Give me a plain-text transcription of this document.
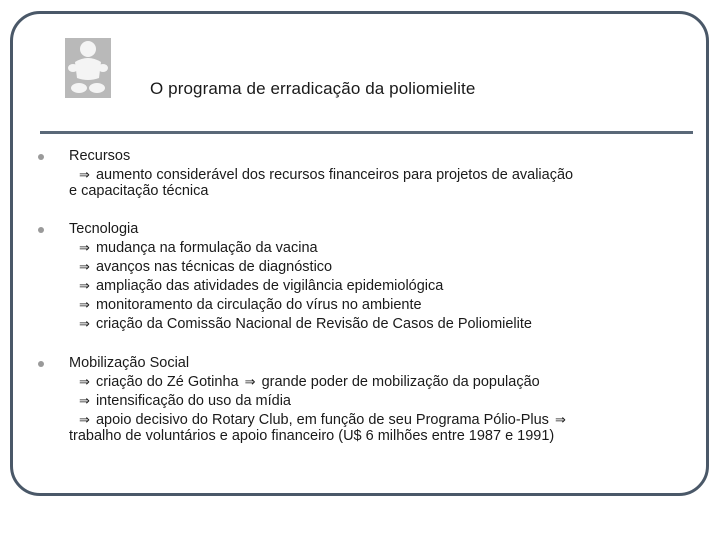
O programa de erradicação da poliomielite
Recursos
⇒ aumento considerável dos recursos financeiros para projetos de avaliação
e capacitação técnica
Tecnologia
⇒ mudança na formulação da vacina
⇒ avanços nas técnicas de diagnóstico
⇒ ampliação das atividades de vigilância epidemiológica
⇒ monitoramento da circulação do vírus no ambiente
⇒ criação da Comissão Nacional de Revisão de Casos de Poliomielite
Mobilização Social
⇒ criação do Zé Gotinha ⇒ grande poder de mobilização da população
⇒ intensificação do uso da mídia
⇒ apoio decisivo do Rotary Club, em função de seu Programa Pólio-Plus ⇒
trabalho de voluntários e apoio financeiro (U$ 6 milhões entre 1987 e 1991)
